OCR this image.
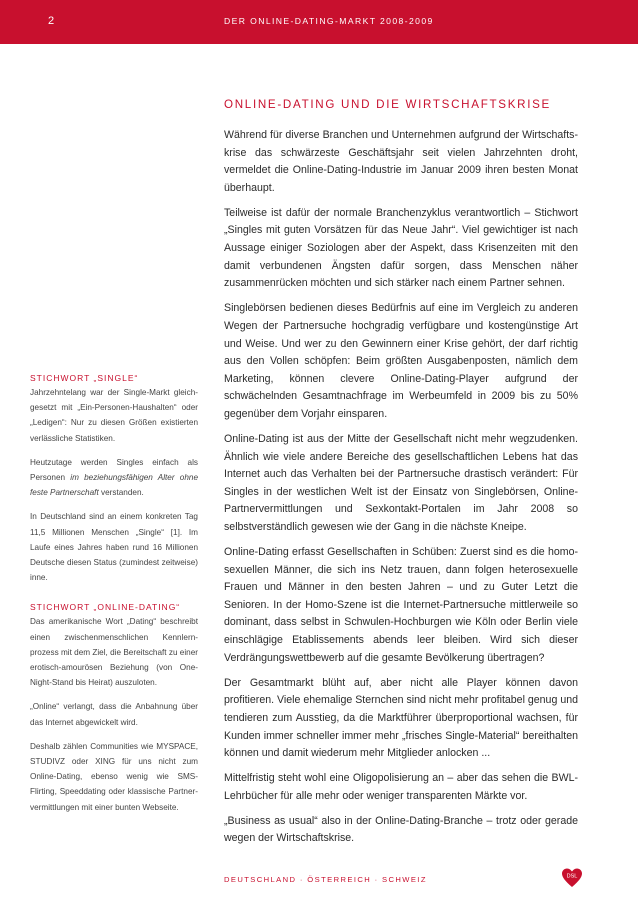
2	DER ONLINE-DATING-MARKT 2008-2009
ONLINE-DATING UND DIE WIRTSCHAFTSKRISE

Während für diverse Branchen und Unternehmen aufgrund der Wirtschaftskrise das schwärzeste Geschäftsjahr seit vielen Jahrzehnten droht, vermeldet die Online-Dating-Industrie im Januar 2009 ihren besten Monat überhaupt.

Teilweise ist dafür der normale Branchenzyklus verantwortlich – Stichwort „Singles mit guten Vorsätzen für das Neue Jahr“. Viel gewichtiger ist nach Aussage einiger Soziologen aber der Aspekt, dass Krisenzeiten mit den damit verbundenen Ängsten dafür sorgen, dass Menschen näher zusammenrücken möchten und sich stärker nach einem Partner sehnen.

Singlebörsen bedienen dieses Bedürfnis auf eine im Vergleich zu anderen Wegen der Partnersuche hochgradig verfügbare und kostengünstige Art und Weise. Und wer zu den Gewinnern einer Krise gehört, der darf richtig aus den Vollen schöpfen: Beim größten Ausgabenposten, nämlich dem Marketing, können clevere Online-Dating-Player aufgrund der schwächelnden Gesamtnachfrage im Werbeumfeld in 2009 bis zu 50% gegenüber dem Vorjahr einsparen.

Online-Dating ist aus der Mitte der Gesellschaft nicht mehr wegzudenken. Ähnlich wie viele andere Bereiche des gesellschaftlichen Lebens hat das Internet auch das Verhalten bei der Partnersuche drastisch verändert: Für Singles in der westlichen Welt ist der Einsatz von Singlebörsen, Online-Partnervermittlungen und Sexkontakt-Portalen im Jahr 2008 so selbstverständlich gewesen wie der Gang in die nächste Kneipe.

Online-Dating erfasst Gesellschaften in Schüben: Zuerst sind es die homosexuellen Männer, die sich ins Netz trauen, dann folgen heterosexuelle Frauen und Männer in den besten Jahren – und zu Guter Letzt die Senioren. In der Homo-Szene ist die Internet-Partnersuche mittlerweile so dominant, dass selbst in Schwulen-Hochburgen wie Köln oder Berlin viele einschlägige Etablissements abends leer bleiben. Wird sich dieser Verdrängungswettbewerb auf die gesamte Bevölkerung übertragen?

Der Gesamtmarkt blüht auf, aber nicht alle Player können davon profitieren. Viele ehemalige Sternchen sind nicht mehr profitabel genug und tendieren zum Ausstieg, da die Marktführer überproportional wachsen, für Kunden immer schneller immer mehr „frisches Single-Material“ bereithalten können und damit wiederum mehr Mitglieder anlocken ...

Mittelfristig steht wohl eine Oligopolisierung an – aber das sehen die BWL-Lehrbücher für alle mehr oder weniger transparenten Märkte vor.

„Business as usual“ also in der Online-Dating-Branche – trotz oder gerade wegen der Wirtschaftskrise.

STICHWORT „SINGLE“

Jahrzehntelang war der Single-Markt gleichgesetzt mit „Ein-Personen-Haushalten“ oder „Ledigen“: Nur zu diesen Größen existierten verlässliche Statistiken.

Heutzutage werden Singles einfach als Personen im beziehungsfähigen Alter ohne feste Partnerschaft verstanden.

In Deutschland sind an einem konkreten Tag 11,5 Millionen Menschen „Single“ [1]. Im Laufe eines Jahres haben rund 16 Millionen Deutsche diesen Status (zumindest zeitweise) inne.

STICHWORT „ONLINE-DATING“

Das amerikanische Wort „Dating“ beschreibt einen zwischenmenschlichen Kennlernprozess mit dem Ziel, die Bereitschaft zu einer erotisch-amourösen Beziehung (von One-Night-Stand bis Heirat) auszuloten.

„Online“ verlangt, dass die Anbahnung über das Internet abgewickelt wird.

Deshalb zählen Communities wie MYSPACE, STUDIVZ oder XING für uns nicht zum Online-Dating, ebenso wenig wie SMS-Flirting, Speeddating oder klassische Partnervermittlungen mit einer bunten Webseite.

DEUTSCHLAND · ÖSTERREICH · SCHWEIZ	DSL
